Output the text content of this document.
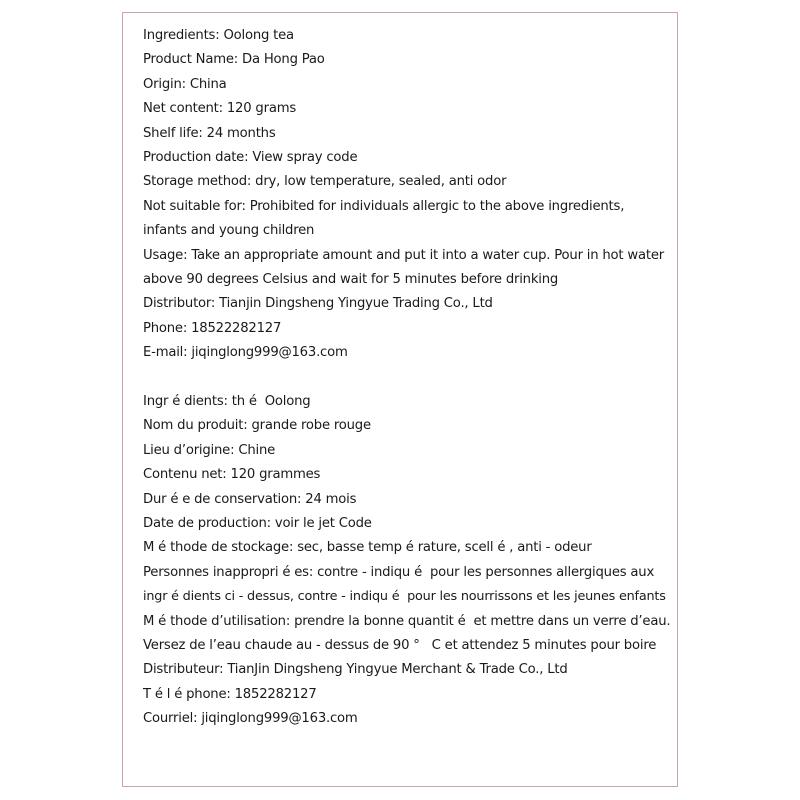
Ingredients: Oolong tea
Product Name: Da Hong Pao
Origin: China
Net content: 120 grams
Shelf life: 24 months
Production date: View spray code
Storage method: dry, low temperature, sealed, anti odor
Not suitable for: Prohibited for individuals allergic to the above ingredients,
infants and young children
Usage: Take an appropriate amount and put it into a water cup. Pour in hot water
above 90 degrees Celsius and wait for 5 minutes before drinking
Distributor: Tianjin Dingsheng Yingyue Trading Co., Ltd
Phone: 18522282127
E-mail: jiqinglong999@163.com
Ingr é dients: th é  Oolong
Nom du produit: grande robe rouge
Lieu d’origine: Chine
Contenu net: 120 grammes
Dur é e de conservation: 24 mois
Date de production: voir le jet Code
M é thode de stockage: sec, basse temp é rature, scell é , anti - odeur
Personnes inappropri é es: contre - indiqu é  pour les personnes allergiques aux
ingr é dients ci - dessus, contre - indiqu é  pour les nourrissons et les jeunes enfants
M é thode d’utilisation: prendre la bonne quantit é  et mettre dans un verre d’eau.
Versez de l’eau chaude au - dessus de 90 °   C et attendez 5 minutes pour boire
Distributeur: TianJin Dingsheng Yingyue Merchant & Trade Co., Ltd
T é l é phone: 1852282127
Courriel: jiqinglong999@163.com
